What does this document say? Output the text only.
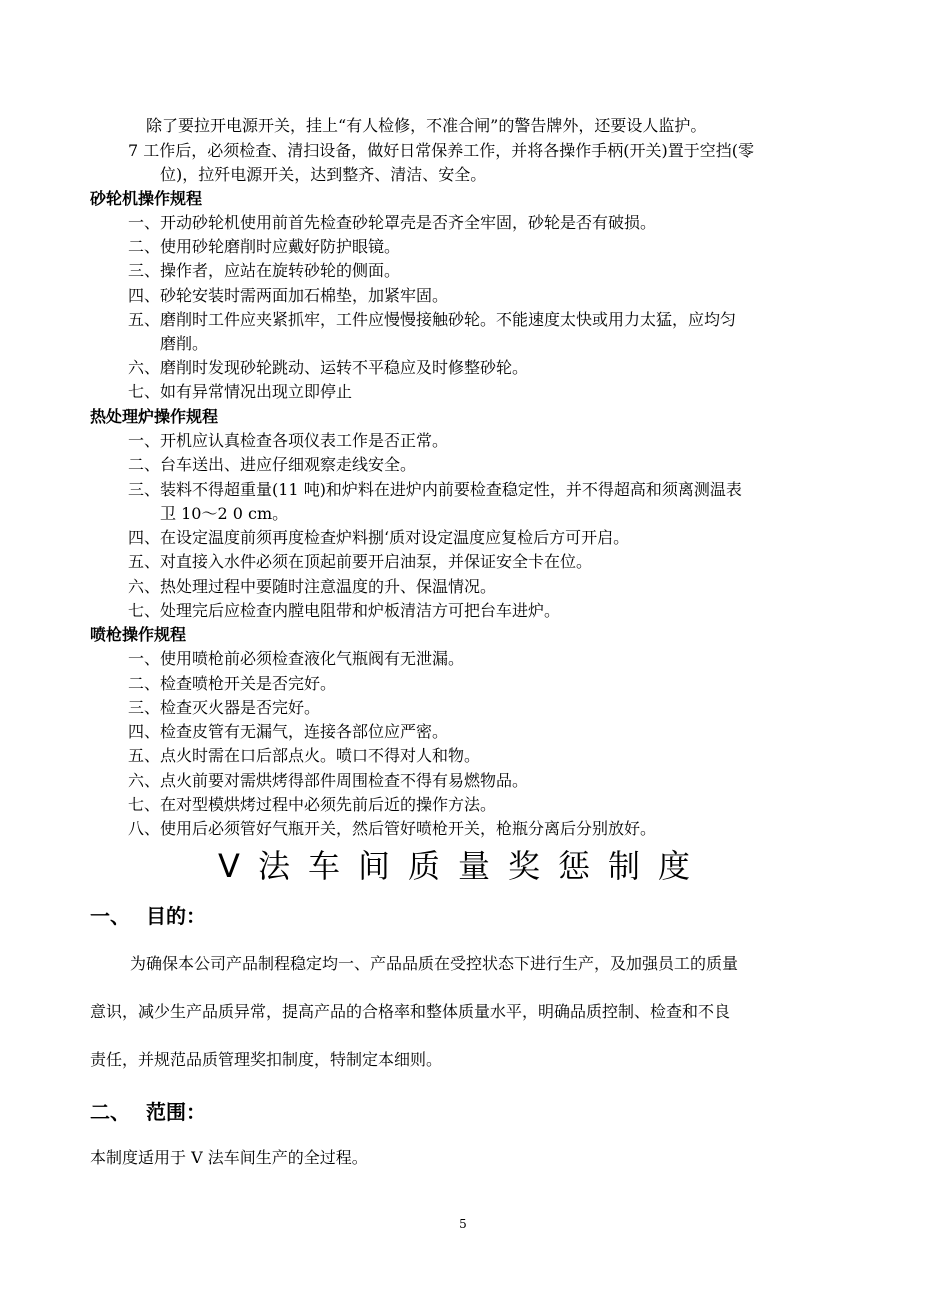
除了要拉开电源开关，挂上“有人检修，不准合闸”的警告牌外，还要设人监护。
7 工作后，必须检查、清扫设备，做好日常保养工作，并将各操作手柄(开关)置于空挡(零
位)，拉歼电源开关，达到整齐、清洁、安全。
砂轮机操作规程
一、开动砂轮机使用前首先检查砂轮罩壳是否齐全牢固，砂轮是否有破损。
二、使用砂轮磨削时应戴好防护眼镜。
三、操作者，应站在旋转砂轮的侧面。
四、砂轮安装时需两面加石棉垫，加紧牢固。
五、磨削时工件应夹紧抓牢，工件应慢慢接触砂轮。不能速度太快或用力太猛，应均匀
磨削。
六、磨削时发现砂轮跳动、运转不平稳应及时修整砂轮。
七、如有异常情况出现立即停止
热处理炉操作规程
一、开机应认真检查各项仪表工作是否正常。
二、台车送出、进应仔细观察走线安全。
三、装料不得超重量(11 吨)和炉料在进炉内前要检查稳定性，并不得超高和须离测温表
卫 10～2 0 cm。
四、在设定温度前须再度检查炉料捌‘质对设定温度应复检后方可开启。
五、对直接入水件必须在顶起前要开启油泵，并保证安全卡在位。
六、热处理过程中要随时注意温度的升、保温情况。
七、处理完后应检查内膛电阻带和炉板清洁方可把台车进炉。
喷枪操作规程
一、使用喷枪前必须检查液化气瓶阀有无泄漏。
二、检查喷枪开关是否完好。
三、检查灭火器是否完好。
四、检查皮管有无漏气，连接各部位应严密。
五、点火时需在口后部点火。喷口不得对人和物。
六、点火前要对需烘烤得部件周围检查不得有易燃物品。
七、在对型模烘烤过程中必须先前后近的操作方法。
八、使用后必须管好气瓶开关，然后管好喷枪开关，枪瓶分离后分别放好。
V法车间质量奖惩制度
一、 目的：
为确保本公司产品制程稳定均一、产品品质在受控状态下进行生产，及加强员工的质量
意识，减少生产品质异常，提高产品的合格率和整体质量水平，明确品质控制、检查和不良
责任，并规范品质管理奖扣制度，特制定本细则。
二、 范围：
本制度适用于 V 法车间生产的全过程。
5
